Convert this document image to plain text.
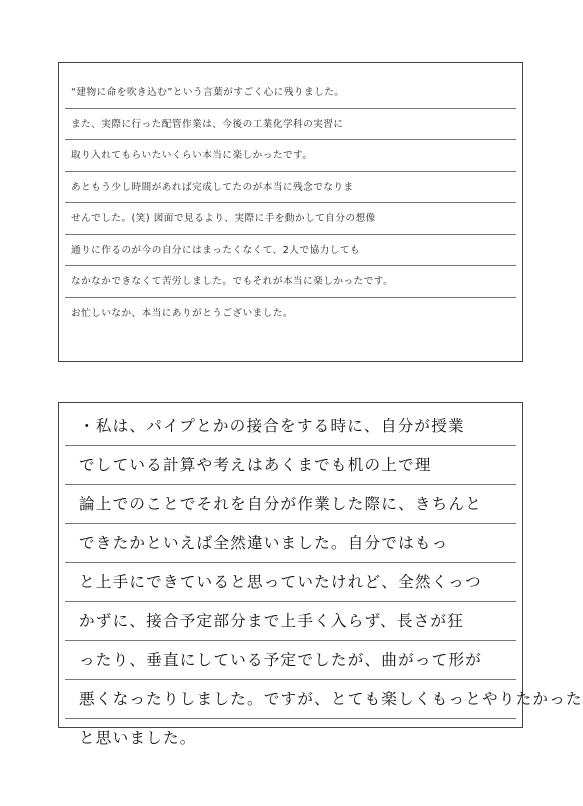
“建物に命を吹き込む”という言葉がすごく心に残りました。
また、実際に行った配管作業は、今後の工業化学科の実習に
取り入れてもらいたいくらい本当に楽しかったです。
あともう少し時間があれば完成してたのが本当に残念でなりま
せんでした。(笑) 図面で見るより、実際に手を動かして自分の想像
通りに作るのが今の自分にはまったくなくて、2人で協力しても
なかなかできなくて苦労しました。でもそれが本当に楽しかったです。
お忙しいなか、本当にありがとうございました。
・私は、パイプとかの接合をする時に、自分が授業
でしている計算や考えはあくまでも机の上で理
論上でのことでそれを自分が作業した際に、きちんと
できたかといえば全然違いました。自分ではもっ
と上手にできていると思っていたけれど、全然くっつ
かずに、接合予定部分まで上手く入らず、長さが狂
ったり、垂直にしている予定でしたが、曲がって形が
悪くなったりしました。ですが、とても楽しくもっとやりたかった
と思いました。
